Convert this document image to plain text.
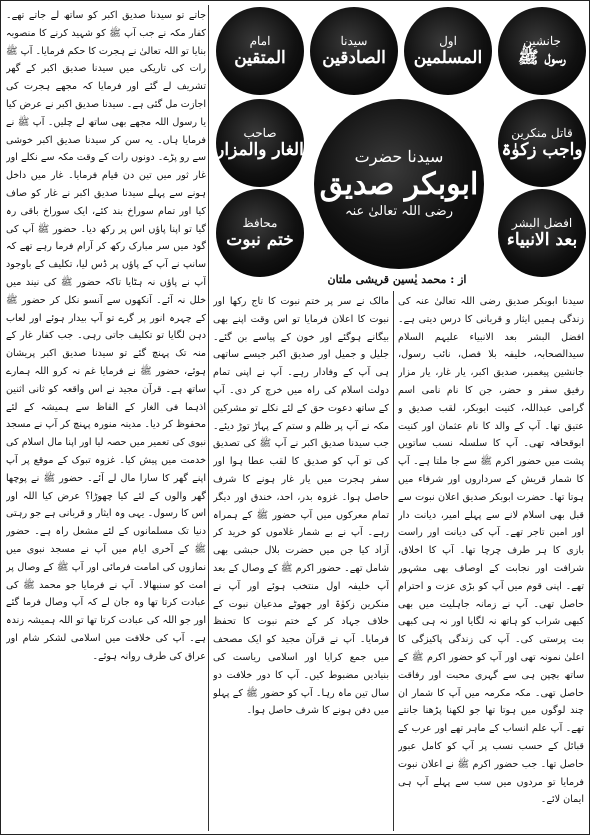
جاتے تو سیدنا صدیق اکبر کو ساتھ لے جاتے تھے۔ کفار مکہ نے جب آپ ﷺ کو شہید کرنے کا منصوبہ بنایا تو اللہ تعالیٰ نے ہجرت کا حکم فرمایا۔ آپ ﷺ رات کی تاریکی میں سیدنا صدیق اکبر کے گھر تشریف لے گئے اور فرمایا کہ مجھے ہجرت کی اجازت مل گئی ہے۔ سیدنا صدیق اکبر نے عرض کیا یا رسول اللہ مجھے بھی ساتھ لے چلیں۔ آپ ﷺ نے فرمایا ہاں۔ یہ سن کر سیدنا صدیق اکبر خوشی سے رو پڑے۔ دونوں رات کے وقت مکہ سے نکلے اور غار ثور میں تین دن قیام فرمایا۔ غار میں داخل ہونے سے پہلے سیدنا صدیق اکبر نے غار کو صاف کیا اور تمام سوراخ بند کئے، ایک سوراخ باقی رہ گیا تو اپنا پاؤں اس پر رکھ دیا۔ حضور ﷺ آپ کی گود میں سر مبارک رکھ کر آرام فرما رہے تھے کہ سانپ نے آپ کے پاؤں پر ڈس لیا، تکلیف کے باوجود آپ نے پاؤں نہ ہٹایا تاکہ حضور ﷺ کی نیند میں خلل نہ آئے۔ آنکھوں سے آنسو نکل کر حضور ﷺ کے چہرہ انور پر گرے تو آپ بیدار ہوئے اور لعاب دہن لگایا تو تکلیف جاتی رہی۔ جب کفار غار کے منہ تک پہنچ گئے تو سیدنا صدیق اکبر پریشان ہوئے، حضور ﷺ نے فرمایا غم نہ کرو اللہ ہمارے ساتھ ہے۔ قرآن مجید نے اس واقعہ کو ثانی اثنین اذہما فی الغار کے الفاظ سے ہمیشہ کے لئے محفوظ کر دیا۔ مدینہ منورہ پہنچ کر آپ نے مسجد نبوی کی تعمیر میں حصہ لیا اور اپنا مال اسلام کی خدمت میں پیش کیا۔ غزوہ تبوک کے موقع پر آپ اپنے گھر کا سارا مال لے آئے۔ حضور ﷺ نے پوچھا گھر والوں کے لئے کیا چھوڑا؟ عرض کیا اللہ اور اس کا رسول۔ یہی وہ ایثار و قربانی ہے جو رہتی دنیا تک مسلمانوں کے لئے مشعل راہ ہے۔ حضور ﷺ کے آخری ایام میں آپ نے مسجد نبوی میں نمازوں کی امامت فرمائی اور آپ ﷺ کے وصال پر امت کو سنبھالا۔ آپ نے فرمایا جو محمد ﷺ کی عبادت کرتا تھا وہ جان لے کہ آپ وصال فرما گئے اور جو اللہ کی عبادت کرتا تھا تو اللہ ہمیشہ زندہ ہے۔ آپ کی خلافت میں اسلامی لشکر شام اور عراق کی طرف روانہ ہوئے۔

جانشین
رسول ﷺ
اول
المسلمین
سیدنا
الصادقین
امام
المتقین
قاتل منکرین
واجب زکوٰۃ
سیدنا حضرت
ابوبکر صدیق
رضی اللہ تعالیٰ عنہ
صاحب
الغار والمزار
افضل البشر
بعد الانبیاء
محافظ
ختم نبوت
از : محمد یٰسین قریشی ملتان

مالک نے سر پر ختم نبوت کا تاج رکھا اور نبوت کا اعلان فرمایا تو اس وقت اپنے بھی بیگانے ہوگئے اور خون کے پیاسے بن گئے۔ جلیل و جمیل اور صدیق اکبر جیسے ساتھی ہی آپ کے وفادار رہے۔ آپ نے اپنی تمام دولت اسلام کی راہ میں خرچ کر دی۔ آپ کے ساتھ دعوت حق کے لئے نکلے تو مشرکین مکہ نے آپ پر ظلم و ستم کے پہاڑ توڑ دیئے۔ جب سیدنا صدیق اکبر نے آپ ﷺ کی تصدیق کی تو آپ کو صدیق کا لقب عطا ہوا اور سفر ہجرت میں یار غار ہونے کا شرف حاصل ہوا۔ غزوہ بدر، احد، خندق اور دیگر تمام معرکوں میں آپ حضور ﷺ کے ہمراہ رہے۔ آپ نے بے شمار غلاموں کو خرید کر آزاد کیا جن میں حضرت بلال حبشی بھی شامل تھے۔ حضور اکرم ﷺ کے وصال کے بعد آپ خلیفہ اول منتخب ہوئے اور آپ نے منکرین زکوٰۃ اور جھوٹے مدعیان نبوت کے خلاف جہاد کر کے ختم نبوت کا تحفظ فرمایا۔ آپ نے قرآن مجید کو ایک مصحف میں جمع کرایا اور اسلامی ریاست کی بنیادیں مضبوط کیں۔ آپ کا دور خلافت دو سال تین ماہ رہا۔ آپ کو حضور ﷺ کے پہلو میں دفن ہونے کا شرف حاصل ہوا۔

سیدنا ابوبکر صدیق رضی اللہ تعالیٰ عنہ کی زندگی ہمیں ایثار و قربانی کا درس دیتی ہے۔ افضل البشر بعد الانبیاء علیہم السلام سیدالصحابہ، خلیفہ بلا فصل، نائب رسول، جانشین پیغمبر، صدیق اکبر، یار غار، یار مزار رفیق سفر و حضر، جن کا نام نامی اسم گرامی عبداللہ، کنیت ابوبکر، لقب صدیق و عتیق تھا۔ آپ کے والد کا نام عثمان اور کنیت ابوقحافہ تھی۔ آپ کا سلسلہ نسب ساتویں پشت میں حضور اکرم ﷺ سے جا ملتا ہے۔ آپ کا شمار قریش کے سرداروں اور شرفاء میں ہوتا تھا۔ حضرت ابوبکر صدیق اعلان نبوت سے قبل بھی اسلام لانے سے پہلے امیر، دیانت دار اور امین تاجر تھے۔ آپ کی دیانت اور راست بازی کا ہر طرف چرچا تھا۔ آپ کا اخلاق، شرافت اور نجابت کے اوصاف بھی مشہور تھے۔ اپنی قوم میں آپ کو بڑی عزت و احترام حاصل تھی۔ آپ نے زمانہ جاہلیت میں بھی کبھی شراب کو ہاتھ نہ لگایا اور نہ ہی کبھی بت پرستی کی۔ آپ کی زندگی پاکیزگی کا اعلیٰ نمونہ تھی اور آپ کو حضور اکرم ﷺ کے ساتھ بچپن ہی سے گہری محبت اور رفاقت حاصل تھی۔ مکہ مکرمہ میں آپ کا شمار ان چند لوگوں میں ہوتا تھا جو لکھنا پڑھنا جانتے تھے۔ آپ علم انساب کے ماہر تھے اور عرب کے قبائل کے حسب نسب پر آپ کو کامل عبور حاصل تھا۔ جب حضور اکرم ﷺ نے اعلان نبوت فرمایا تو مردوں میں سب سے پہلے آپ ہی ایمان لائے۔
